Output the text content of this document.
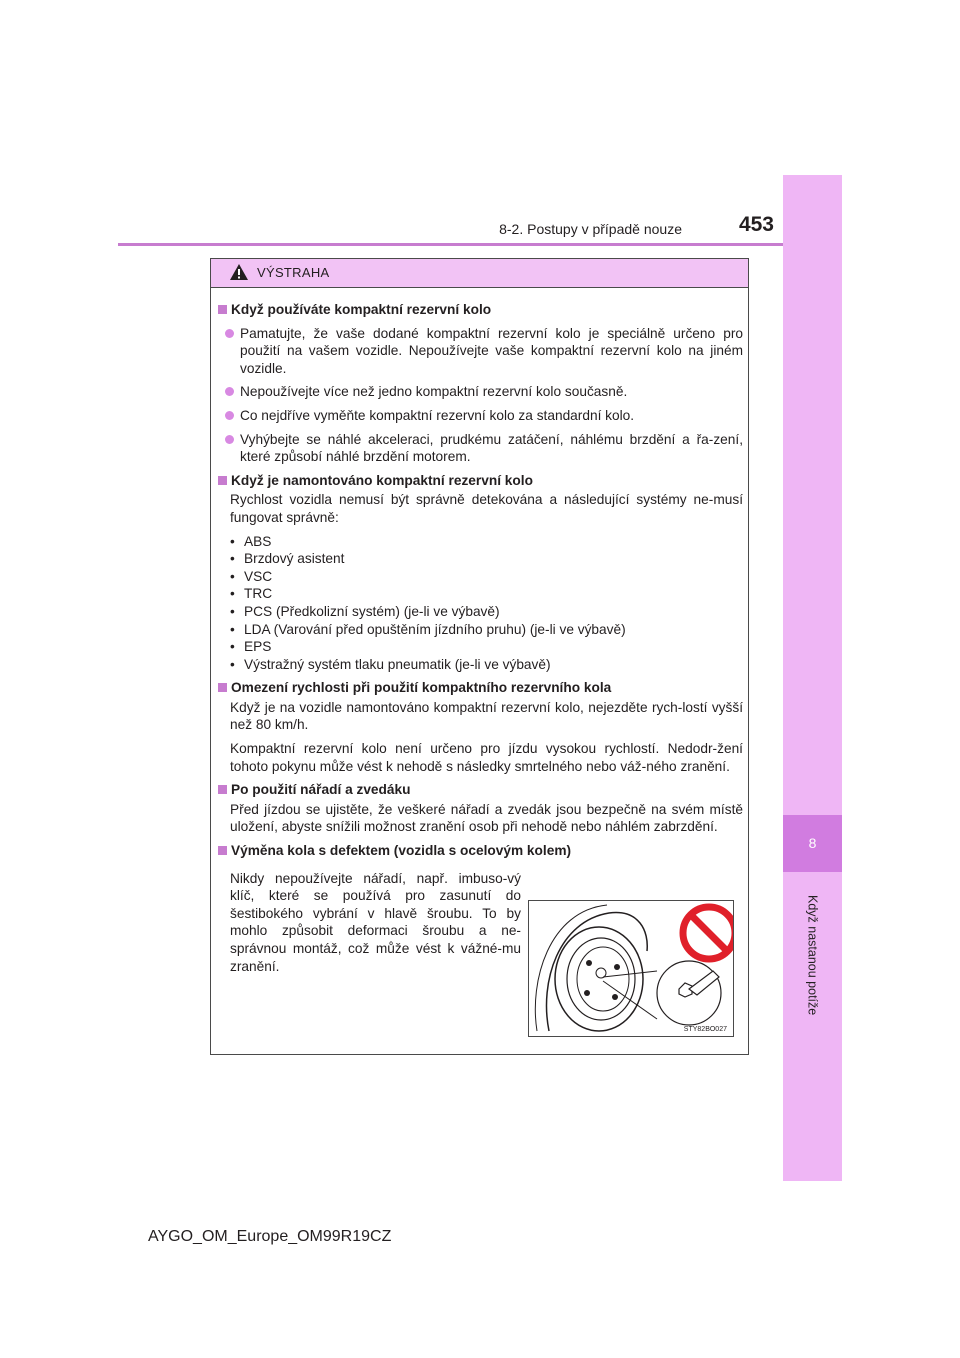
8-2. Postupy v případě nouze	453
8
Když nastanou potíže
VÝSTRAHA
Když používáte kompaktní rezervní kolo
Pamatujte, že vaše dodané kompaktní rezervní kolo je speciálně určeno pro použití na vašem vozidle. Nepoužívejte vaše kompaktní rezervní kolo na jiném vozidle.
Nepoužívejte více než jedno kompaktní rezervní kolo současně.
Co nejdříve vyměňte kompaktní rezervní kolo za standardní kolo.
Vyhýbejte se náhlé akceleraci, prudkému zatáčení, náhlému brzdění a řa-zení, které způsobí náhlé brzdění motorem.
Když je namontováno kompaktní rezervní kolo
Rychlost vozidla nemusí být správně detekována a následující systémy ne-musí fungovat správně:
• ABS
• Brzdový asistent
• VSC
• TRC
• PCS (Předkolizní systém) (je-li ve výbavě)
• LDA (Varování před opuštěním jízdního pruhu) (je-li ve výbavě)
• EPS
• Výstražný systém tlaku pneumatik (je-li ve výbavě)
Omezení rychlosti při použití kompaktního rezervního kola
Když je na vozidle namontováno kompaktní rezervní kolo, nejezděte rych-lostí vyšší než 80 km/h.
Kompaktní rezervní kolo není určeno pro jízdu vysokou rychlostí. Nedodr-žení tohoto pokynu může vést k nehodě s následky smrtelného nebo váž-ného zranění.
Po použití nářadí a zvedáku
Před jízdou se ujistěte, že veškeré nářadí a zvedák jsou bezpečně na svém místě uložení, abyste snížili možnost zranění osob při nehodě nebo náhlém zabrzdění.
Výměna kola s defektem (vozidla s ocelovým kolem)
Nikdy nepoužívejte nářadí, např. imbuso-vý klíč, které se používá pro zasunutí do šestibokého vybrání v hlavě šroubu. To by mohlo způsobit deformaci šroubu a ne-správnou montáž, což může vést k vážné-mu zranění.
STY82BO027
AYGO_OM_Europe_OM99R19CZ
